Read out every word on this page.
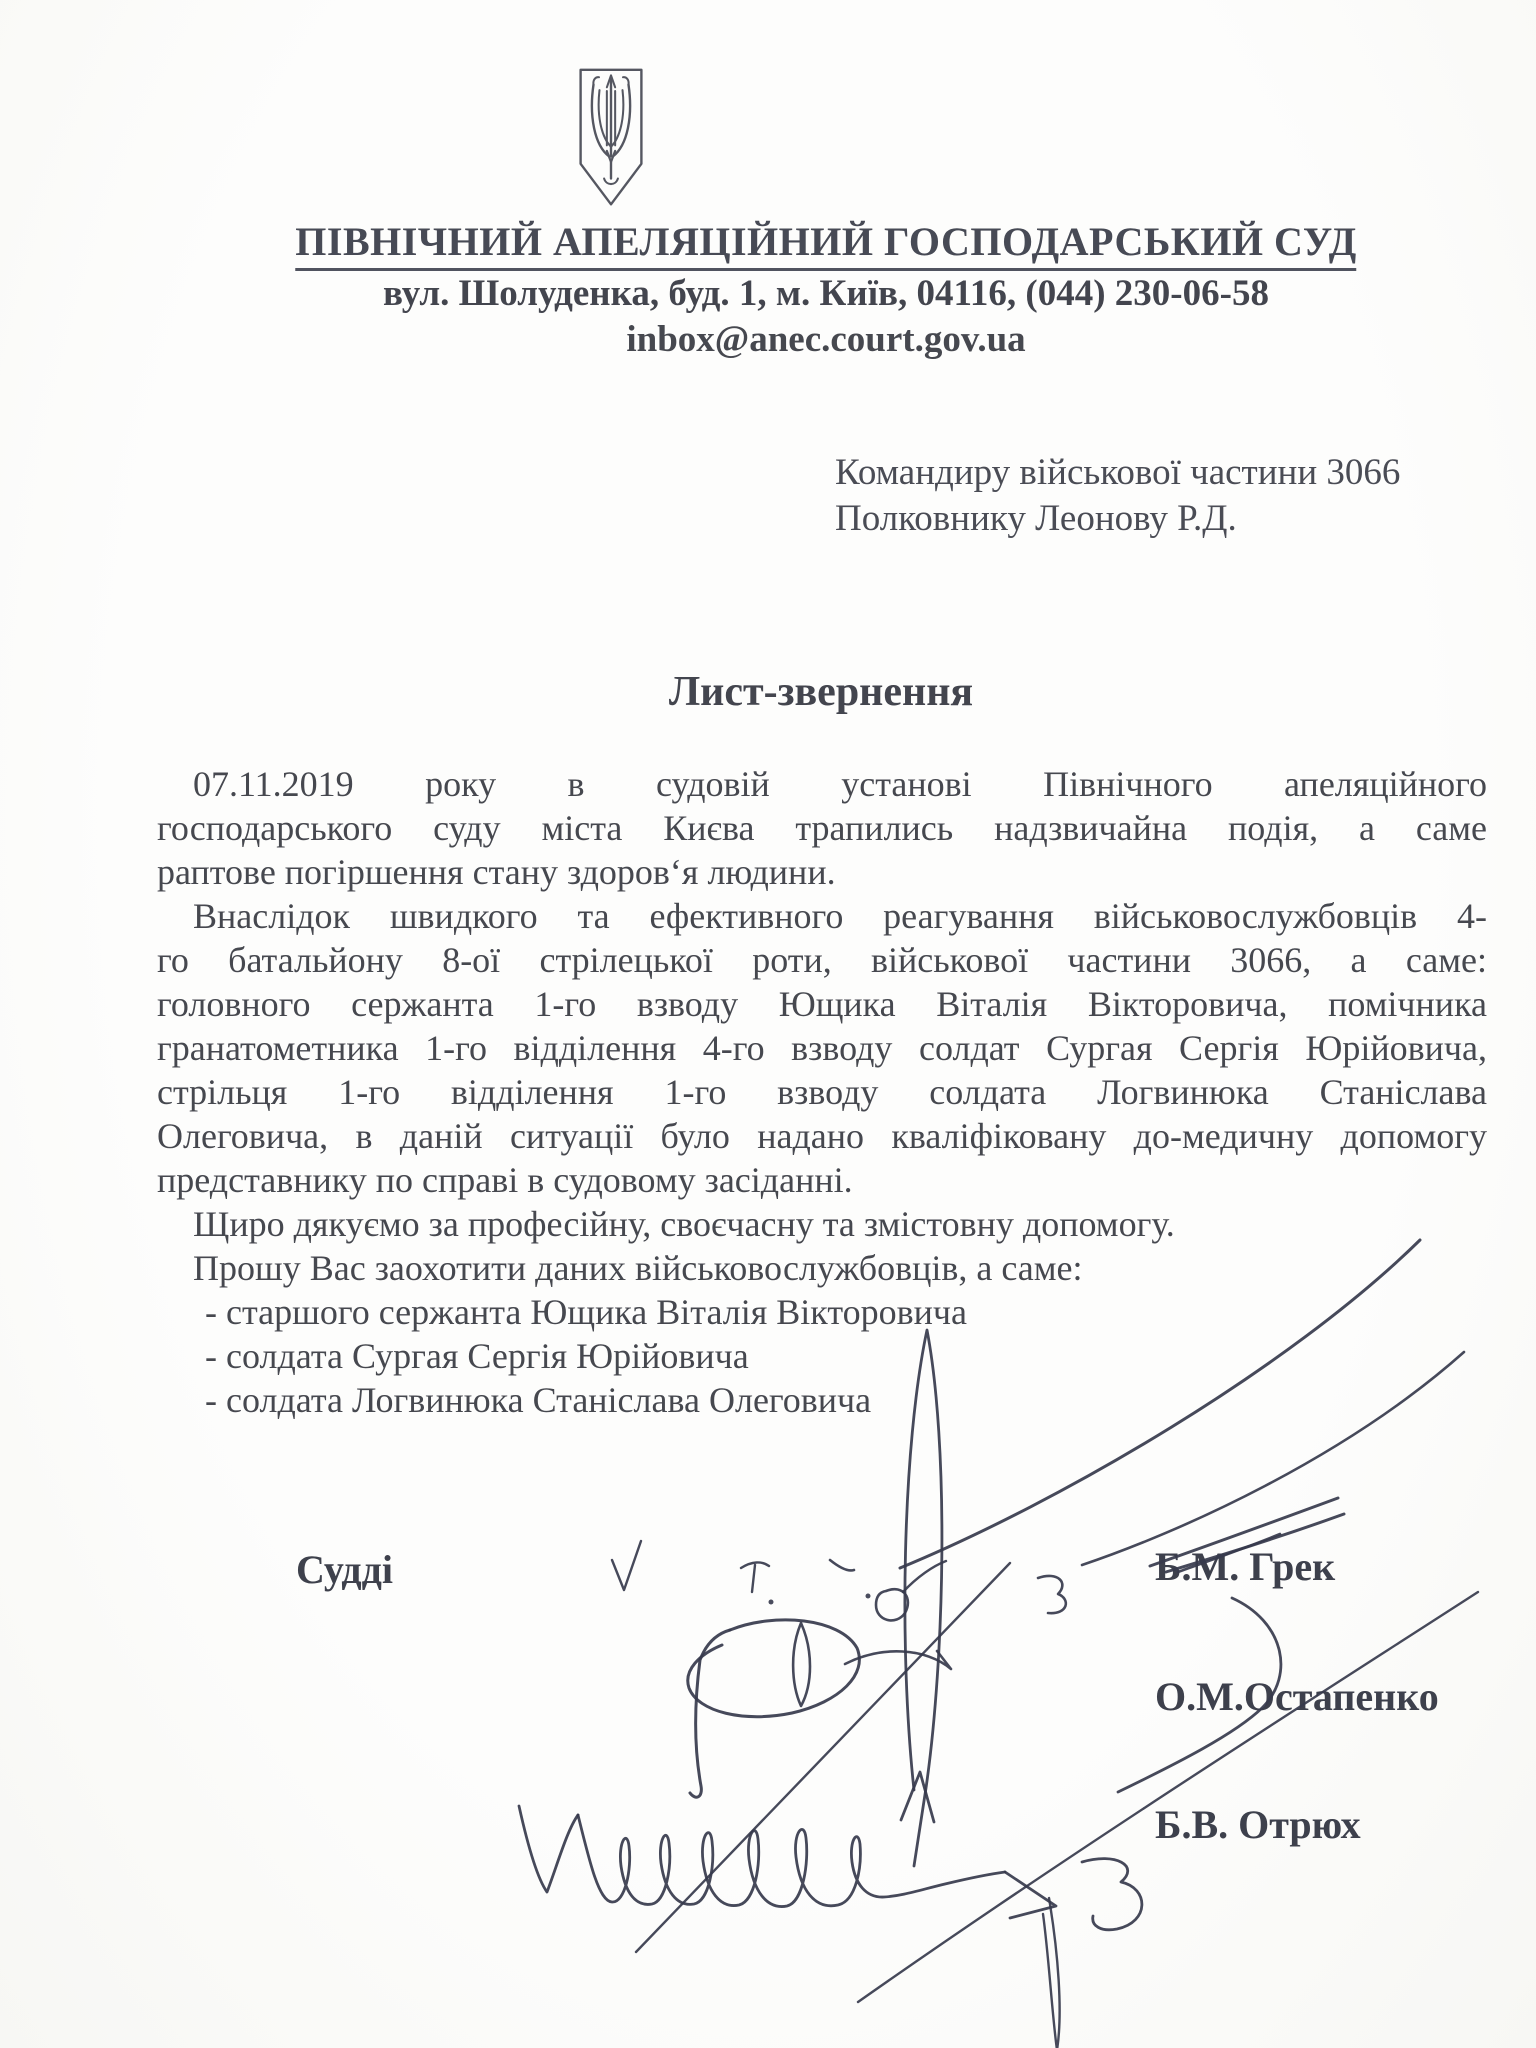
ПІВНІЧНИЙ АПЕЛЯЦІЙНИЙ ГОСПОДАРСЬКИЙ СУД
вул. Шолуденка, буд. 1, м. Київ, 04116, (044) 230-06-58
inbox@anec.court.gov.ua
Командиру військової частини 3066
Полковнику Леонову Р.Д.
Лист-звернення
07.11.2019 року в судовій установі Північного апеляційного
господарського суду міста Києва трапились надзвичайна подія, а саме
раптове погіршення стану здоров‘я людини.
Внаслідок швидкого та ефективного реагування військовослужбовців 4-
го батальйону 8-ої стрілецької роти, військової частини 3066, а саме:
головного сержанта 1-го взводу Ющика Віталія Вікторовича, помічника
гранатометника 1-го відділення 4-го взводу солдат Сургая Сергія Юрійовича,
стрільця 1-го відділення 1-го взводу солдата Логвинюка Станіслава
Олеговича, в даній ситуації було надано кваліфіковану до-медичну допомогу
представнику по справі в судовому засіданні.
Щиро дякуємо за професійну, своєчасну та змістовну допомогу.
Прошу Вас заохотити даних військовослужбовців, а саме:
- старшого сержанта Ющика Віталія Вікторовича
- солдата Сургая Сергія Юрійовича
- солдата Логвинюка Станіслава Олеговича
Судді	Б.М. Грек
О.М.Остапенко
Б.В. Отрюх
